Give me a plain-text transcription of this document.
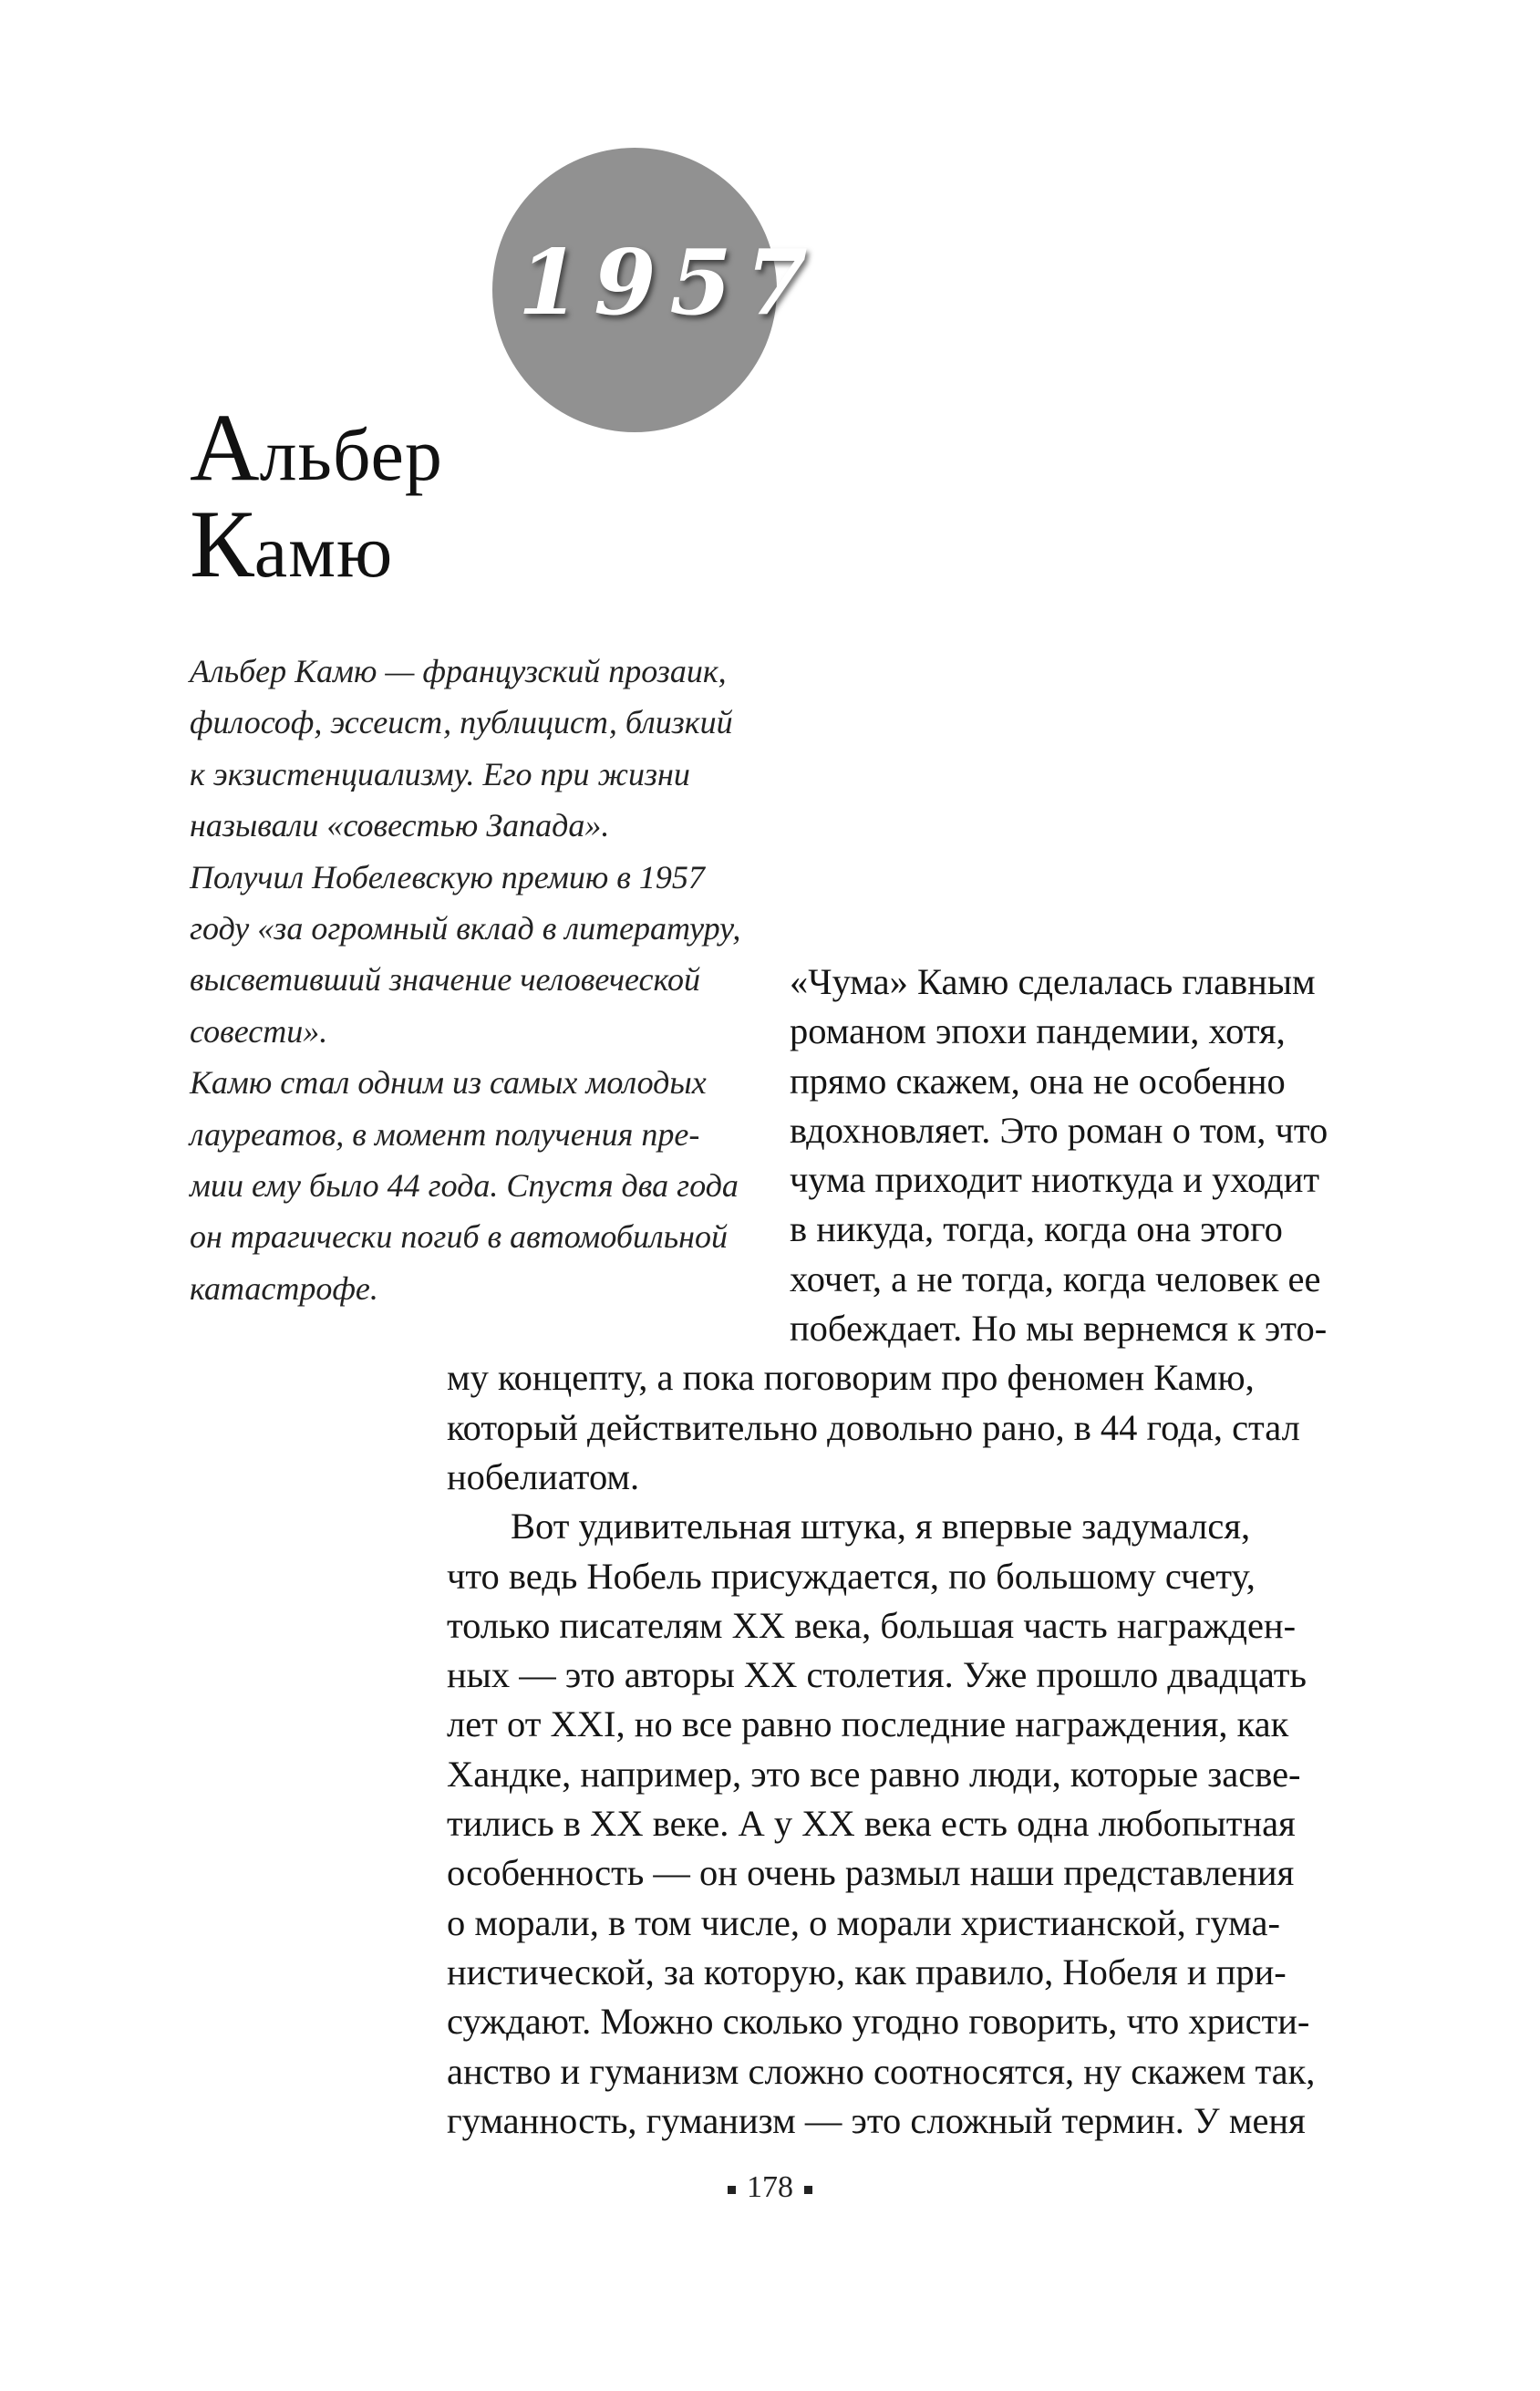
1957
Альбер
Камю

Альбер Камю — французский прозаик,

философ, эссеист, публицист, близкий

к экзистенциализму. Его при жизни

называли «совестью Запада».

Получил Нобелевскую премию в 1957

году «за огромный вклад в литературу,

высветивший значение человеческой

совести».

Камю стал одним из самых молодых

лауреатов, в момент получения пре-

мии ему было 44 года. Спустя два года

он трагически погиб в автомобильной

катастрофе.

«Чума» Камю сделалась главным
романом эпохи пандемии, хотя,
прямо скажем, она не особенно
вдохновляет. Это роман о том, что
чума приходит ниоткуда и уходит
в никуда, тогда, когда она этого
хочет, а не тогда, когда человек ее
побеждает. Но мы вернемся к это-
му концепту, а пока поговорим про феномен Камю,
который действительно довольно рано, в 44 года, стал
нобелиатом.
Вот удивительная штука, я впервые задумался,
что ведь Нобель присуждается, по большому счету,
только писателям XX века, большая часть награжден-
ных — это авторы XX столетия. Уже прошло двадцать
лет от XXI, но все равно последние награждения, как
Хандке, например, это все равно люди, которые засве-
тились в XX веке. А у XX века есть одна любопытная
особенность — он очень размыл наши представления
о морали, в том числе, о морали христианской, гума-
нистической, за которую, как правило, Нобеля и при-
суждают. Можно сколько угодно говорить, что христи-
анство и гуманизм сложно соотносятся, ну скажем так,
гуманность, гуманизм — это сложный термин. У меня
178
